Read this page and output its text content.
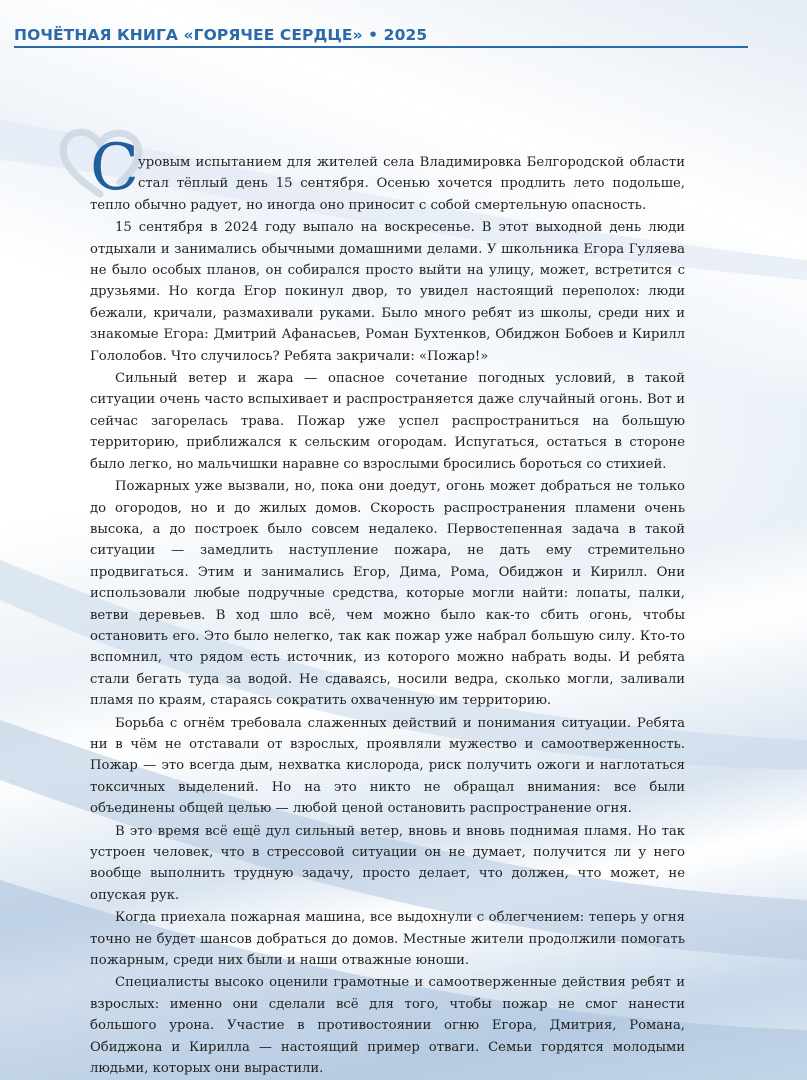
ПОЧЁТНАЯ КНИГА «ГОРЯЧЕЕ СЕРДЦЕ» • 2025
С уровым испытанием для жителей села Владимировка Белгородской области стал тёплый день 15 сентября. Осенью хочется продлить лето подольше, тепло обычно радует, но иногда оно приносит с собой смертельную опасность.

15 сентября в 2024 году выпало на воскресенье. В этот выходной день люди отдыхали и занимались обычными домашними делами. У школьника Егора Гуляева не было особых планов, он собирался просто выйти на улицу, может, встретится с друзьями. Но когда Егор покинул двор, то увидел настоящий переполох: люди бежали, кричали, размахивали руками. Было много ребят из школы, среди них и знакомые Егора: Дмитрий Афанасьев, Роман Бухтенков, Обиджон Бобоев и Кирилл Гололобов. Что случилось? Ребята закричали: «Пожар!»

Сильный ветер и жара — опасное сочетание погодных условий, в такой ситуации очень часто вспыхивает и распространяется даже случайный огонь. Вот и сейчас загорелась трава. Пожар уже успел распространиться на большую территорию, приближался к сельским огородам. Испугаться, остаться в стороне было легко, но мальчишки наравне со взрослыми бросились бороться со стихией.

Пожарных уже вызвали, но, пока они доедут, огонь может добраться не только до огородов, но и до жилых домов. Скорость распространения пламени очень высока, а до построек было совсем недалеко. Первостепенная задача в такой ситуации — замедлить наступление пожара, не дать ему стремительно продвигаться. Этим и занимались Егор, Дима, Рома, Обиджон и Кирилл. Они использовали любые подручные средства, которые могли найти: лопаты, палки, ветви деревьев. В ход шло всё, чем можно было как-то сбить огонь, чтобы остановить его. Это было нелегко, так как пожар уже набрал большую силу. Кто-то вспомнил, что рядом есть источник, из которого можно набрать воды. И ребята стали бегать туда за водой. Не сдаваясь, носили ведра, сколько могли, заливали пламя по краям, стараясь сократить охваченную им территорию.

Борьба с огнём требовала слаженных действий и понимания ситуации. Ребята ни в чём не отставали от взрослых, проявляли мужество и самоотверженность. Пожар — это всегда дым, нехватка кислорода, риск получить ожоги и наглотаться токсичных выделений. Но на это никто не обращал внимания: все были объединены общей целью — любой ценой остановить распространение огня.

В это время всё ещё дул сильный ветер, вновь и вновь поднимая пламя. Но так устроен человек, что в стрессовой ситуации он не думает, получится ли у него вообще выполнить трудную задачу, просто делает, что должен, что может, не опуская рук.

Когда приехала пожарная машина, все выдохнули с облегчением: теперь у огня точно не будет шансов добраться до домов. Местные жители продолжили помогать пожарным, среди них были и наши отважные юноши.

Специалисты высоко оценили грамотные и самоотверженные действия ребят и взрослых: именно они сделали всё для того, чтобы пожар не смог нанести большого урона. Участие в противостоянии огню Егора, Дмитрия, Романа, Обиджона и Кирилла — настоящий пример отваги. Семьи гордятся молодыми людьми, которых они вырастили.
